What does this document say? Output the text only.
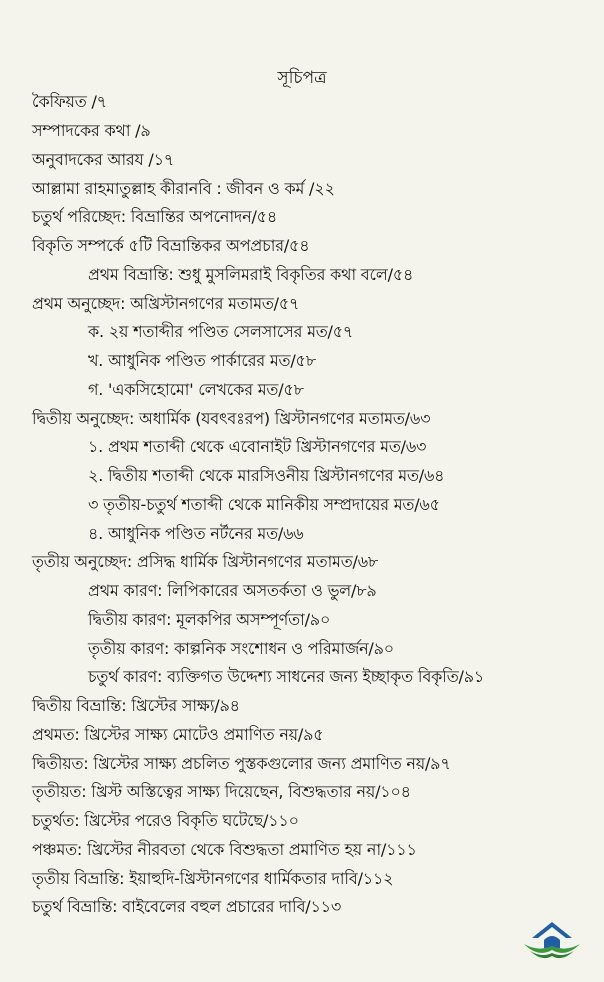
সূচিপত্র
কৈফিয়ত /৭
সম্পাদকের কথা /৯
অনুবাদকের আরয /১৭
আল্লামা রাহমাতুল্লাহ কীরানবি : জীবন ও কর্ম /২২
চতুর্থ পরিচ্ছেদ: বিভ্রান্তির অপনোদন/৫৪
বিকৃতি সম্পর্কে ৫টি বিভ্রান্তিকর অপপ্রচার/৫৪
প্রথম বিভ্রান্তি: শুধু মুসলিমরাই বিকৃতির কথা বলে/৫৪
প্রথম অনুচ্ছেদ: অখ্রিস্টানগণের মতামত/৫৭
ক. ২য় শতাব্দীর পণ্ডিত সেলসাসের মত/৫৭
খ. আধুনিক পণ্ডিত পার্কারের মত/৫৮
গ. 'একসিহোমো' লেখকের মত/৫৮
দ্বিতীয় অনুচ্ছেদ: অধার্মিক (যবৎবঃরপ) খ্রিস্টানগণের মতামত/৬৩
১. প্রথম শতাব্দী থেকে এবোনাইট খ্রিস্টানগণের মত/৬৩
২. দ্বিতীয় শতাব্দী থেকে মারসিওনীয় খ্রিস্টানগণের মত/৬৪
৩ তৃতীয়-চতুর্থ শতাব্দী থেকে মানিকীয় সম্প্রদায়ের মত/৬৫
৪. আধুনিক পণ্ডিত নর্টনের মত/৬৬
তৃতীয় অনুচ্ছেদ: প্রসিদ্ধ ধার্মিক খ্রিস্টানগণের মতামত/৬৮
প্রথম কারণ: লিপিকারের অসতর্কতা ও ভুল/৮৯
দ্বিতীয় কারণ: মূলকপির অসম্পূর্ণতা/৯০
তৃতীয় কারণ: কাল্পনিক সংশোধন ও পরিমার্জন/৯০
চতুর্থ কারণ: ব্যক্তিগত উদ্দেশ্য সাধনের জন্য ইচ্ছাকৃত বিকৃতি/৯১
দ্বিতীয় বিভ্রান্তি: খ্রিস্টের সাক্ষ্য/৯৪
প্রথমত: খ্রিস্টের সাক্ষ্য মোটেও প্রমাণিত নয়/৯৫
দ্বিতীয়ত: খ্রিস্টের সাক্ষ্য প্রচলিত পুস্তকগুলোর জন্য প্রমাণিত নয়/৯৭
তৃতীয়ত: খ্রিস্ট অস্তিত্বের সাক্ষ্য দিয়েছেন, বিশুদ্ধতার নয়/১০৪
চতুর্থত: খ্রিস্টের পরেও বিকৃতি ঘটেছে/১১০
পঞ্চমত: খ্রিস্টের নীরবতা থেকে বিশুদ্ধতা প্রমাণিত হয় না/১১১
তৃতীয় বিভ্রান্তি: ইয়াহুদি-খ্রিস্টানগণের ধার্মিকতার দাবি/১১২
চতুর্থ বিভ্রান্তি: বাইবেলের বহুল প্রচারের দাবি/১১৩
